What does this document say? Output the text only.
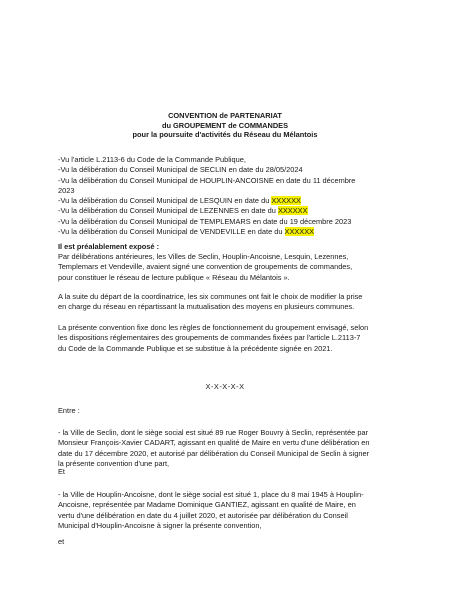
CONVENTION de PARTENARIAT
du GROUPEMENT de COMMANDES
pour la poursuite d'activités du Réseau du Mélantois
-Vu l'article L.2113-6 du Code de la Commande Publique,
-Vu la délibération du Conseil Municipal de SECLIN en date du 28/05/2024
-Vu la délibération du Conseil Municipal de HOUPLIN-ANCOISNE en date du 11 décembre
2023
-Vu la délibération du Conseil Municipal de LESQUIN en date du XXXXXX
-Vu la délibération du Conseil Municipal de LEZENNES en date du XXXXXX
-Vu la délibération du Conseil Municipal de TEMPLEMARS en date du 19 décembre 2023
-Vu la délibération du Conseil Municipal de VENDEVILLE en date du XXXXXX
Il est préalablement exposé :
Par délibérations antérieures, les Villes de Seclin, Houplin-Ancoisne, Lesquin, Lezennes,
Templemars et Vendeville, avaient signé une convention de groupements de commandes,
pour constituer le réseau de lecture publique « Réseau du Mélantois ».
A la suite du départ de la coordinatrice, les six communes ont fait le choix de modifier la prise
en charge du réseau en répartissant la mutualisation des moyens en plusieurs communes.
La présente convention fixe donc les règles de fonctionnement du groupement envisagé, selon
les dispositions réglementaires des groupements de commandes fixées par l'article L.2113-7
du Code de la Commande Publique et se substitue à la précédente signée en 2021.
X-X-X-X-X
Entre :
- la Ville de Seclin, dont le siège social est situé 89 rue Roger Bouvry à Seclin, représentée par
Monsieur François-Xavier CADART, agissant en qualité de Maire en vertu d'une délibération en
date du 17 décembre 2020, et autorisé par délibération du Conseil Municipal de Seclin à signer
la présente convention d'une part,
Et
- la Ville de Houplin-Ancoisne, dont le siège social est situé 1, place du 8 mai 1945 à Houplin-
Ancoisne, représentée par Madame Dominique GANTIEZ, agissant en qualité de Maire, en
vertu d'une délibération en date du 4 juillet 2020, et autorisée par délibération du Conseil
Municipal d'Houplin-Ancoisne à signer la présente convention,
et
